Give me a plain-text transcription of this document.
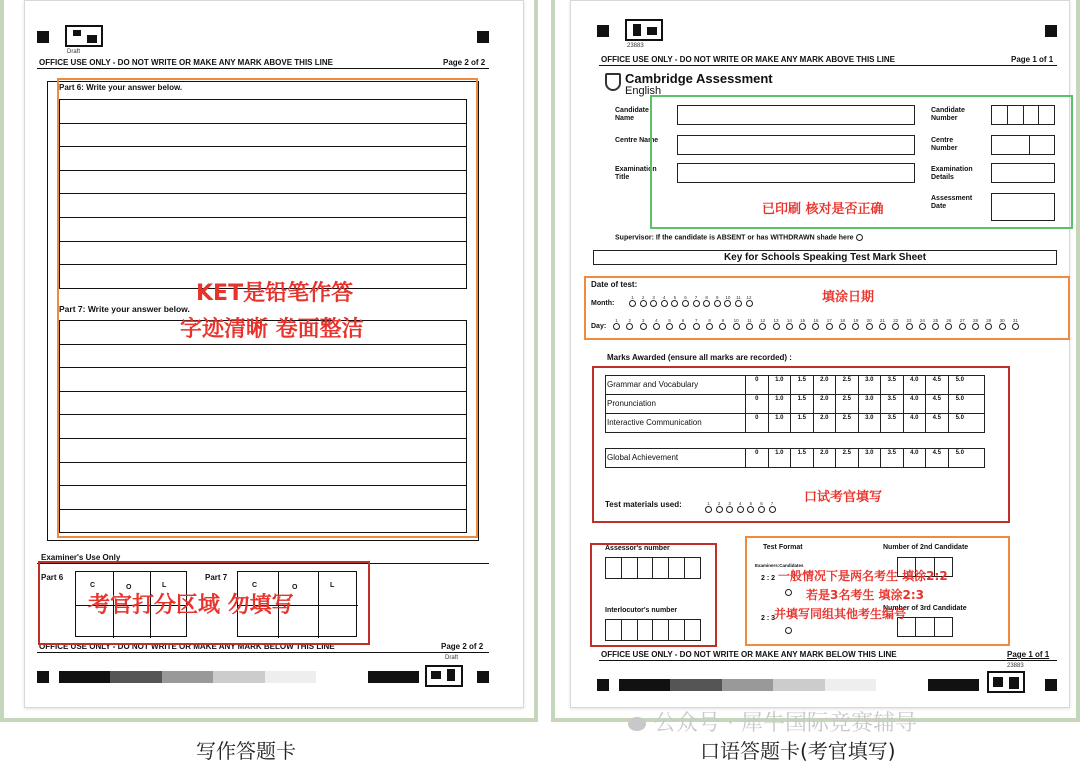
Draft
OFFICE USE ONLY - DO NOT WRITE OR MAKE ANY MARK ABOVE THIS LINE	Page 2 of 2
Part 6: Write your answer below.
Part 7: Write your answer below.
Examiner's Use Only
Part 6
C	O	L
Part 7
C	O	L
OFFICE USE ONLY - DO NOT WRITE OR MAKE ANY MARK BELOW THIS LINE	Page 2 of 2
Draft
KET是铅笔作答
字迹清晰 卷面整洁
考官打分区域 勿填写
23883
OFFICE USE ONLY - DO NOT WRITE OR MAKE ANY MARK ABOVE THIS LINE	Page 1 of 1
Cambridge Assessment
English
Candidate Name
Centre Name
Examination Title
Candidate Number
Centre Number
Examination Details
Assessment Date
Supervisor: If the candidate is ABSENT or has WITHDRAWN shade here
Key for Schools Speaking Test Mark Sheet
Date of test:
Month:
1	2	3	4	5	6	7	8	9	10 11 12
Day:
1	2	3	4	5	6	7	8	9	10 11 12 13 14 15 16 17 18 19 20 21 22 23 24 25 26 27 28 29 30 31
Marks Awarded (ensure all marks are recorded) :
Grammar and Vocabulary	0	1.0	1.5	2.0	2.5	3.0	3.5	4.0	4.5	5.0
Pronunciation	0	1.0	1.5	2.0	2.5	3.0	3.5	4.0	4.5	5.0
Interactive Communication	0	1.0	1.5	2.0	2.5	3.0	3.5	4.0	4.5	5.0
Global Achievement	0	1.0	1.5	2.0	2.5	3.0	3.5	4.0	4.5	5.0
Test materials used:	1	2	3	4	5	6	7
Assessor's number
Interlocutor's number
Test Format
Examiners:Candidates
2 : 2
2 : 3
Number of 2nd Candidate
Number of 3rd Candidate
OFFICE USE ONLY - DO NOT WRITE OR MAKE ANY MARK BELOW THIS LINE	Page 1 of 1
23883
已印刷 核对是否正确
填涂日期
口试考官填写
一般情况下是两名考生 填涂2:2
若是3名考生 填涂2:3
并填写同组其他考生编号
公众号 · 犀牛国际竞赛辅导
写作答题卡	口语答题卡(考官填写)
